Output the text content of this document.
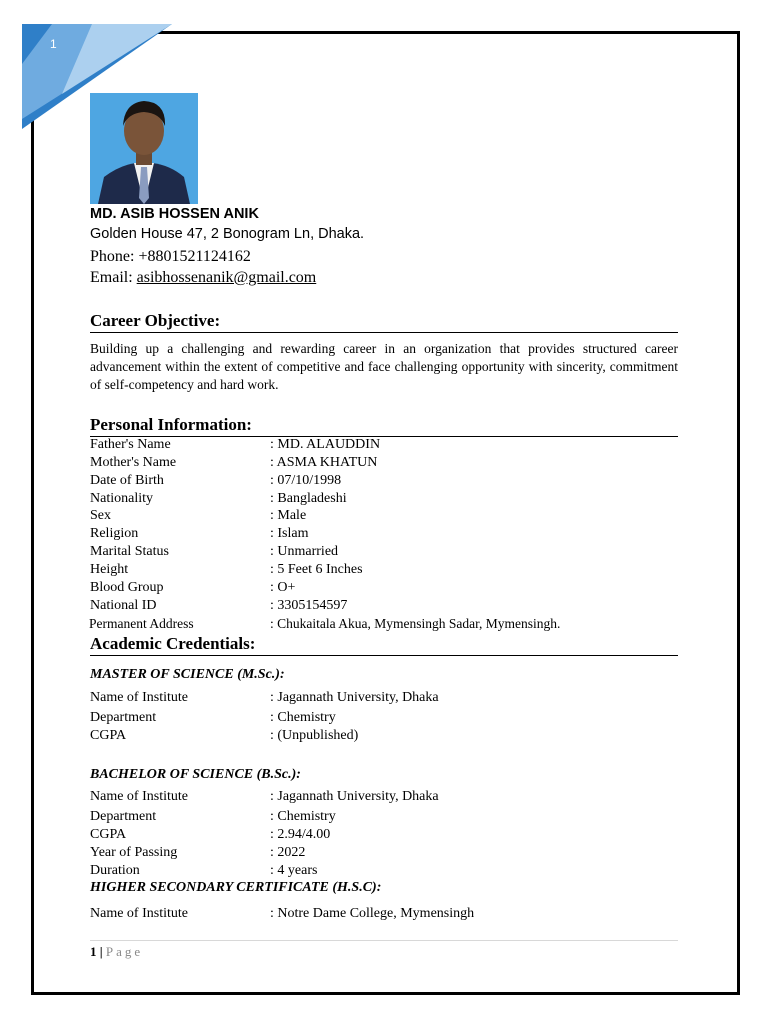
1
MD. ASIB HOSSEN ANIK
Golden House 47, 2 Bonogram Ln, Dhaka.
Phone: +8801521124162
Email: asibhossenanik@gmail.com
Career Objective:
Building up a challenging and rewarding career in an organization that provides structured career advancement within the extent of competitive and face challenging opportunity with sincerity, commitment of self-competency and hard work.
Personal Information:
Father's Name	: MD. ALAUDDIN
Mother's Name	: ASMA KHATUN
Date of Birth	: 07/10/1998
Nationality	: Bangladeshi
Sex	: Male
Religion	: Islam
Marital Status	: Unmarried
Height	: 5 Feet 6 Inches
Blood Group	: O+
National ID	: 3305154597
Permanent Address	: Chukaitala Akua, Mymensingh Sadar, Mymensingh.
Academic Credentials:
MASTER OF SCIENCE (M.Sc.):
Name of Institute	: Jagannath University, Dhaka
Department	: Chemistry
CGPA	: (Unpublished)
BACHELOR OF SCIENCE (B.Sc.):
Name of Institute	: Jagannath University, Dhaka
Department	: Chemistry
CGPA	: 2.94/4.00
Year of Passing	: 2022
Duration	: 4 years
HIGHER SECONDARY CERTIFICATE (H.S.C):
Name of Institute	: Notre Dame College, Mymensingh
1 | Page
